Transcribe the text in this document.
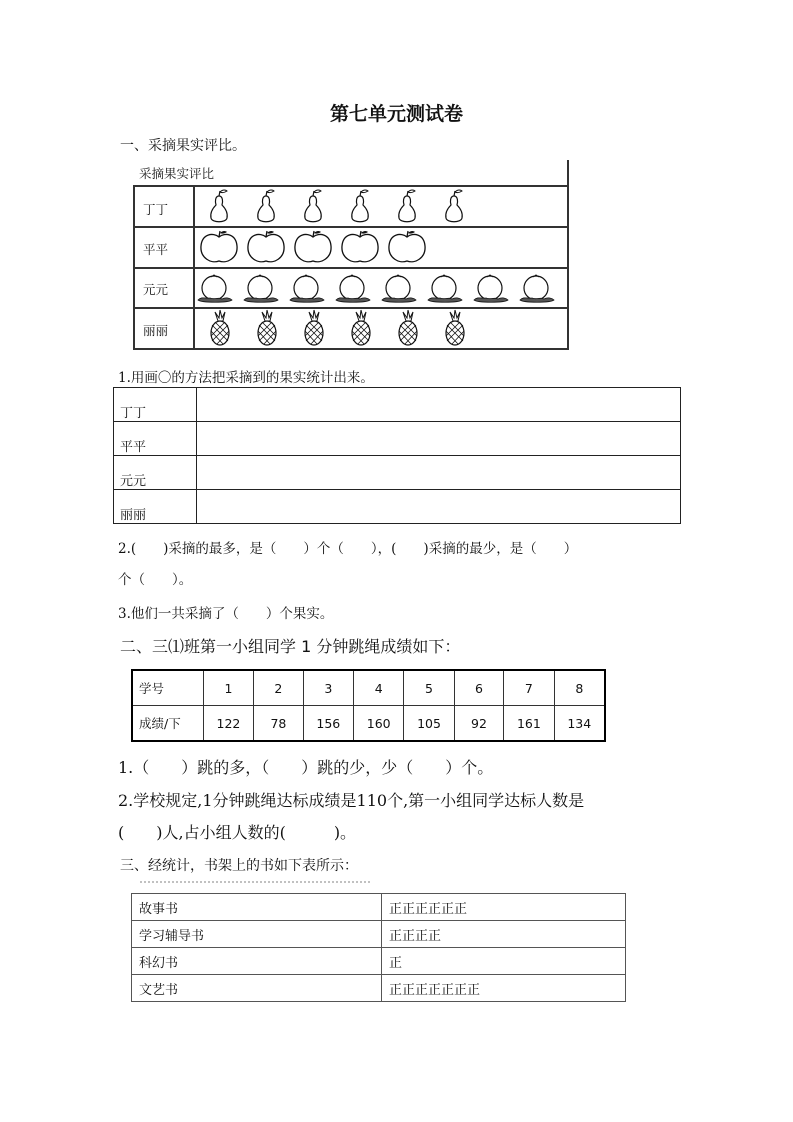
第七单元测试卷
一、采摘果实评比。
采摘果实评比
丁丁
平平
元元
丽丽
1.用画〇的方法把采摘到的果实统计出来。
丁丁	
平平	
元元	
丽丽	
2.(　　)采摘的最多，是（　　）个（　　），(　　)采摘的最少，是（　　）
个（　　）。
3.他们一共采摘了（　　）个果实。
二、三⑴班第一小组同学 1 分钟跳绳成绩如下：
学号	1	2	3	4	5	6	7	8
成绩/下	122	78	156	160	105	92	161	134
1.（　　）跳的多，（　　）跳的少，少（　　）个。
2.学校规定,1分钟跳绳达标成绩是110个,第一小组同学达标人数是
(　　)人,占小组人数的(　　　)。
三、经统计，书架上的书如下表所示：
故事书	正正正正正正
学习辅导书	正正正正
科幻书	正
文艺书	正正正正正正正
